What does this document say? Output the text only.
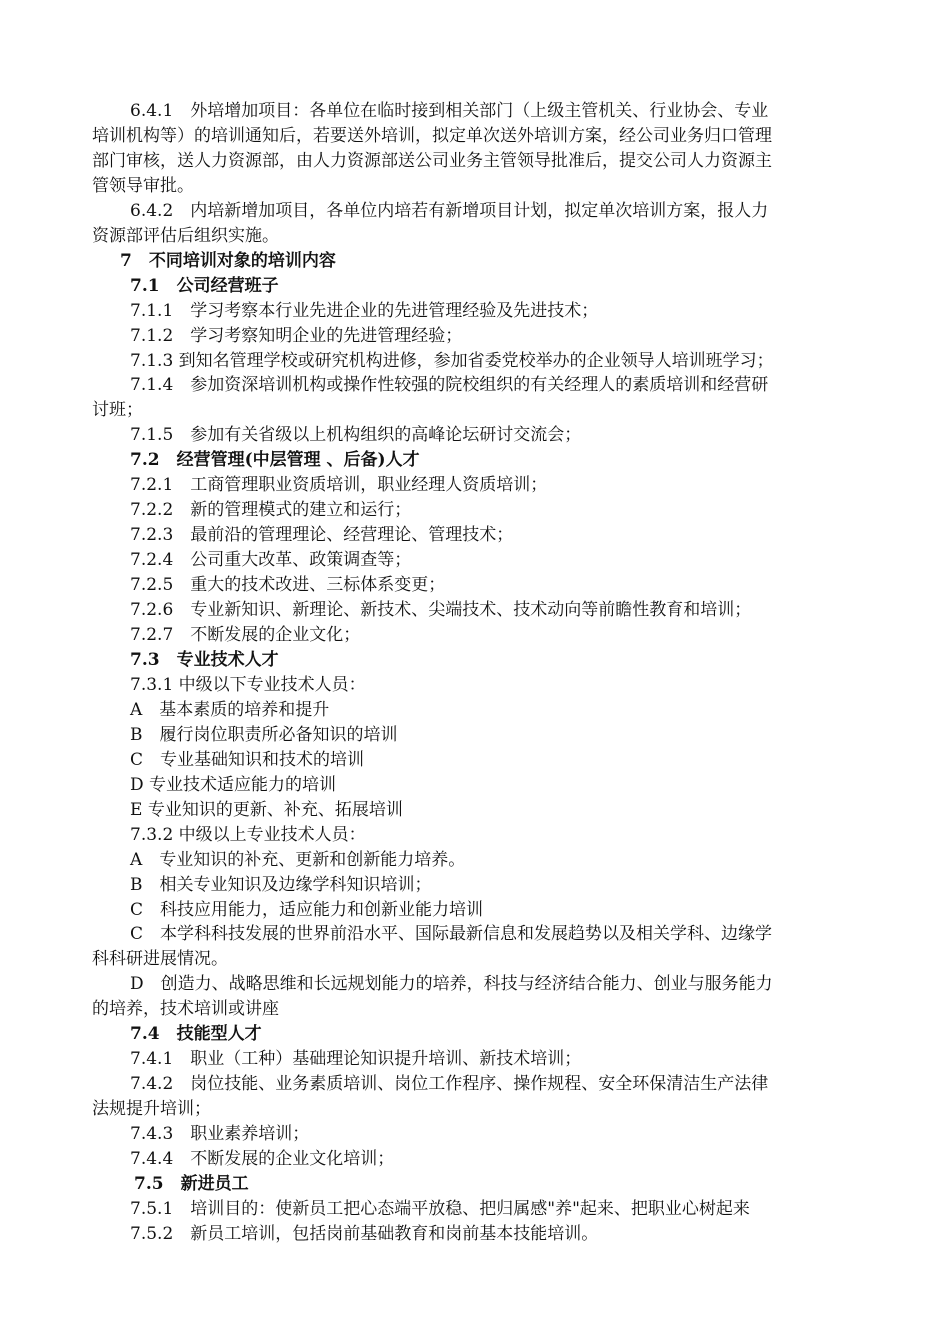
6.4.1　外培增加项目：各单位在临时接到相关部门（上级主管机关、行业协会、专业
培训机构等）的培训通知后，若要送外培训，拟定单次送外培训方案，经公司业务归口管理
部门审核，送人力资源部，由人力资源部送公司业务主管领导批准后，提交公司人力资源主
管领导审批。
6.4.2　内培新增加项目，各单位内培若有新增项目计划，拟定单次培训方案，报人力
资源部评估后组织实施。
7　不同培训对象的培训内容
7.1　公司经营班子
7.1.1　学习考察本行业先进企业的先进管理经验及先进技术；
7.1.2　学习考察知明企业的先进管理经验；
7.1.3 到知名管理学校或研究机构进修，参加省委党校举办的企业领导人培训班学习；
7.1.4　参加资深培训机构或操作性较强的院校组织的有关经理人的素质培训和经营研
讨班；
7.1.5　参加有关省级以上机构组织的高峰论坛研讨交流会；
7.2　经营管理(中层管理 、后备)人才
7.2.1　工商管理职业资质培训，职业经理人资质培训；
7.2.2　新的管理模式的建立和运行；
7.2.3　最前沿的管理理论、经营理论、管理技术；
7.2.4　公司重大改革、政策调查等；
7.2.5　重大的技术改进、三标体系变更；
7.2.6　专业新知识、新理论、新技术、尖端技术、技术动向等前瞻性教育和培训；
7.2.7　不断发展的企业文化；
7.3　专业技术人才
7.3.1 中级以下专业技术人员：
A　基本素质的培养和提升
B　履行岗位职责所必备知识的培训
C　专业基础知识和技术的培训
D 专业技术适应能力的培训
E 专业知识的更新、补充、拓展培训
7.3.2 中级以上专业技术人员：
A　专业知识的补充、更新和创新能力培养。
B　相关专业知识及边缘学科知识培训；
C　科技应用能力，适应能力和创新业能力培训
C　本学科科技发展的世界前沿水平、国际最新信息和发展趋势以及相关学科、边缘学
科科研进展情况。
D　创造力、战略思维和长远规划能力的培养，科技与经济结合能力、创业与服务能力
的培养，技术培训或讲座
7.4　技能型人才
7.4.1　职业（工种）基础理论知识提升培训、新技术培训；
7.4.2　岗位技能、业务素质培训、岗位工作程序、操作规程、安全环保清洁生产法律
法规提升培训；
7.4.3　职业素养培训；
7.4.4　不断发展的企业文化培训；
7.5　新进员工
7.5.1　培训目的：使新员工把心态端平放稳、把归属感"养"起来、把职业心树起来
7.5.2　新员工培训，包括岗前基础教育和岗前基本技能培训。
